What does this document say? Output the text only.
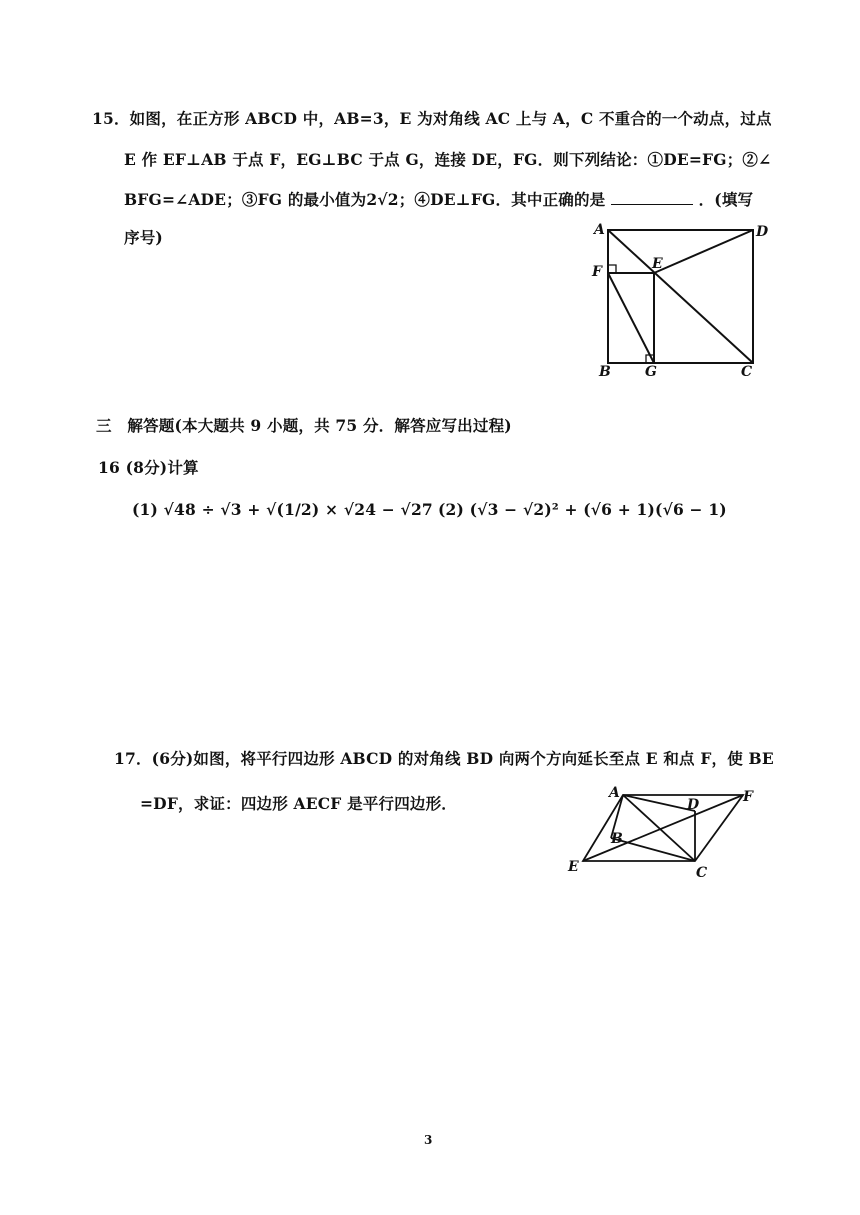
15．如图，在正方形 ABCD 中，AB=3，E 为对角线 AC 上与 A，C 不重合的一个动点，过点
E 作 EF⊥AB 于点 F，EG⊥BC 于点 G，连接 DE，FG．则下列结论：①DE=FG；②∠
BFG=∠ADE；③FG 的最小值为2√2；④DE⊥FG．其中正确的是	．(填写
序号)	A	D
F	E
B G	C
三　解答题(本大题共 9 小题，共 75 分．解答应写出过程)
16 (8分)计算
(1) √48 ÷ √3 + √(1/2) × √24 − √27 (2) (√3 − √2)² + (√6 + 1)(√6 − 1)
17．(6分)如图，将平行四边形 ABCD 的对角线 BD 向两个方向延长至点 E 和点 F，使 BE
=DF，求证：四边形 AECF 是平行四边形．
A
D	F
B
E	C
3
